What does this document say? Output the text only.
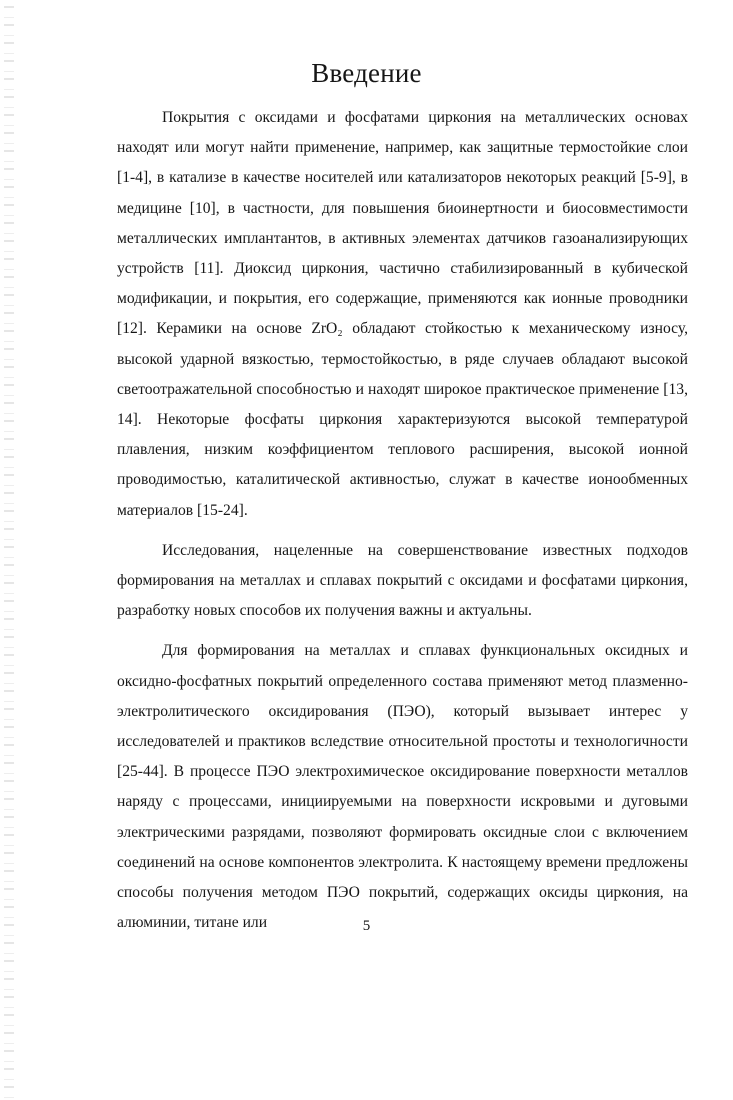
Введение

Покрытия с оксидами и фосфатами циркония на металлических основах находят или могут найти применение, например, как защитные термостойкие слои [1-4], в катализе в качестве носителей или катализаторов некоторых реакций [5-9], в медицине [10], в частности, для повышения биоинертности и биосовместимости металлических имплантантов, в активных элементах датчиков газоанализирующих устройств [11]. Диоксид циркония, частично стабилизированный в кубической модификации, и покрытия, его содержащие, применяются как ионные проводники [12]. Керамики на основе ZrO₂ обладают стойкостью к механическому износу, высокой ударной вязкостью, термостойкостью, в ряде случаев обладают высокой светоотражательной способностью и находят широкое практическое применение [13, 14]. Некоторые фосфаты циркония характеризуются высокой температурой плавления, низким коэффициентом теплового расширения, высокой ионной проводимостью, каталитической активностью, служат в качестве ионообменных материалов [15-24].

Исследования, нацеленные на совершенствование известных подходов формирования на металлах и сплавах покрытий с оксидами и фосфатами циркония, разработку новых способов их получения важны и актуальны.

Для формирования на металлах и сплавах функциональных оксидных и оксидно-фосфатных покрытий определенного состава применяют метод плазменно-электролитического оксидирования (ПЭО), который вызывает интерес у исследователей и практиков вследствие относительной простоты и технологичности [25-44]. В процессе ПЭО электрохимическое оксидирование поверхности металлов наряду с процессами, инициируемыми на поверхности искровыми и дуговыми электрическими разрядами, позволяют формировать оксидные слои с включением соединений на основе компонентов электролита. К настоящему времени предложены способы получения методом ПЭО покрытий, содержащих оксиды циркония, на алюминии, титане или	5
